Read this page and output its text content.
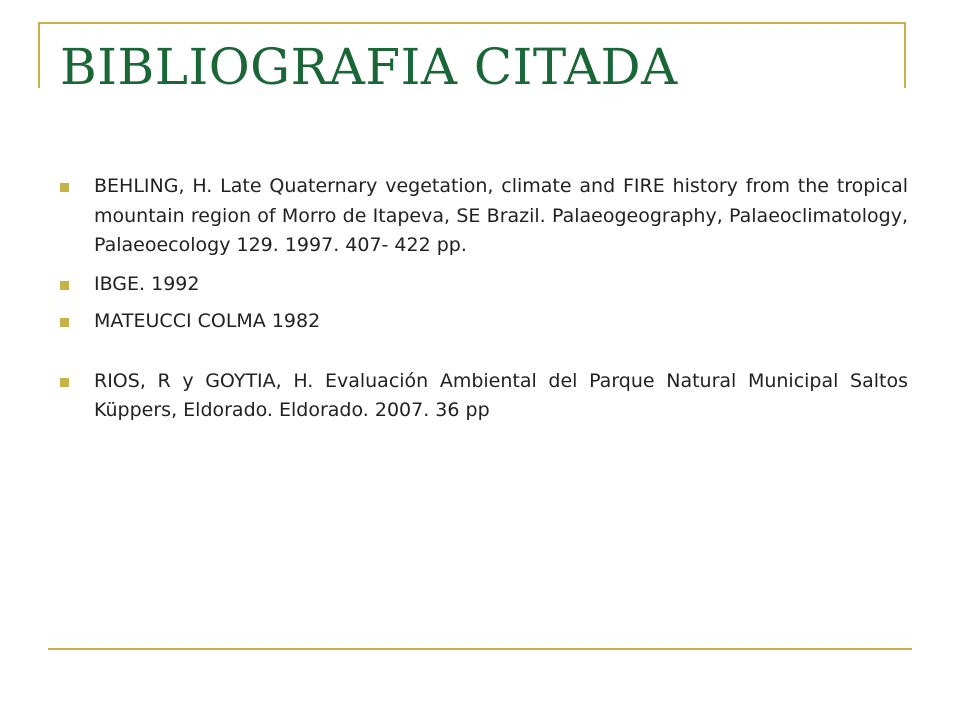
BIBLIOGRAFIA CITADA
BEHLING, H. Late Quaternary vegetation, climate and FIRE history from the tropical mountain region of Morro de Itapeva, SE Brazil. Palaeogeography, Palaeoclimatology, Palaeoecology 129. 1997. 407- 422 pp.
IBGE. 1992
MATEUCCI COLMA 1982
RIOS, R y GOYTIA, H. Evaluación Ambiental del Parque Natural Municipal Saltos Küppers, Eldorado. Eldorado. 2007. 36 pp
